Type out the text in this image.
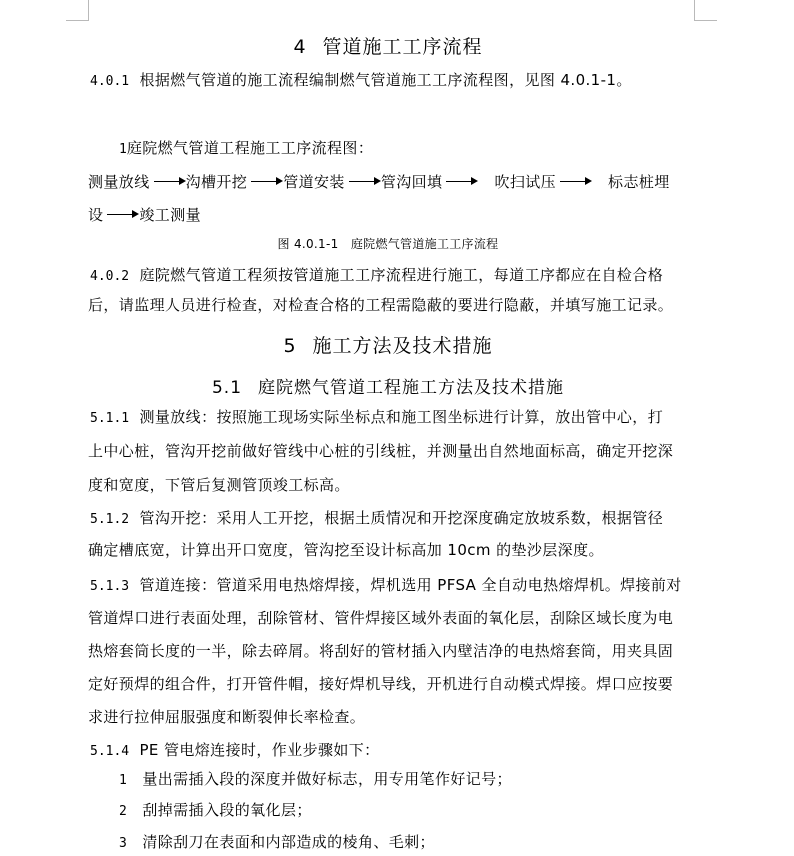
4 管道施工工序流程
4.0.1 根据燃气管道的施工流程编制燃气管道施工工序流程图，见图 4.0.1-1。
1庭院燃气管道工程施工工序流程图：
测量放线 沟槽开挖 管道安装 管沟回填	吹扫试压	标志桩埋
设 竣工测量
图 4.0.1-1　庭院燃气管道施工工序流程
4.0.2 庭院燃气管道工程须按管道施工工序流程进行施工，每道工序都应在自检合格
后，请监理人员进行检查，对检查合格的工程需隐蔽的要进行隐蔽，并填写施工记录。
5 施工方法及技术措施
5.1 庭院燃气管道工程施工方法及技术措施
5.1.1 测量放线：按照施工现场实际坐标点和施工图坐标进行计算，放出管中心，打
上中心桩，管沟开挖前做好管线中心桩的引线桩，并测量出自然地面标高，确定开挖深
度和宽度，下管后复测管顶竣工标高。
5.1.2 管沟开挖：采用人工开挖，根据土质情况和开挖深度确定放坡系数，根据管径
确定槽底宽，计算出开口宽度，管沟挖至设计标高加 10cm 的垫沙层深度。
5.1.3 管道连接：管道采用电热熔焊接，焊机选用 PFSA 全自动电热熔焊机。焊接前对
管道焊口进行表面处理，刮除管材、管件焊接区域外表面的氧化层，刮除区域长度为电
热熔套筒长度的一半，除去碎屑。将刮好的管材插入内壁洁净的电热熔套筒，用夹具固
定好预焊的组合件，打开管件帽，接好焊机导线，开机进行自动模式焊接。焊口应按要
求进行拉伸屈服强度和断裂伸长率检查。
5.1.4 PE 管电熔连接时，作业步骤如下：
1 量出需插入段的深度并做好标志，用专用笔作好记号；
2 刮掉需插入段的氧化层；
3 清除刮刀在表面和内部造成的棱角、毛刺；
